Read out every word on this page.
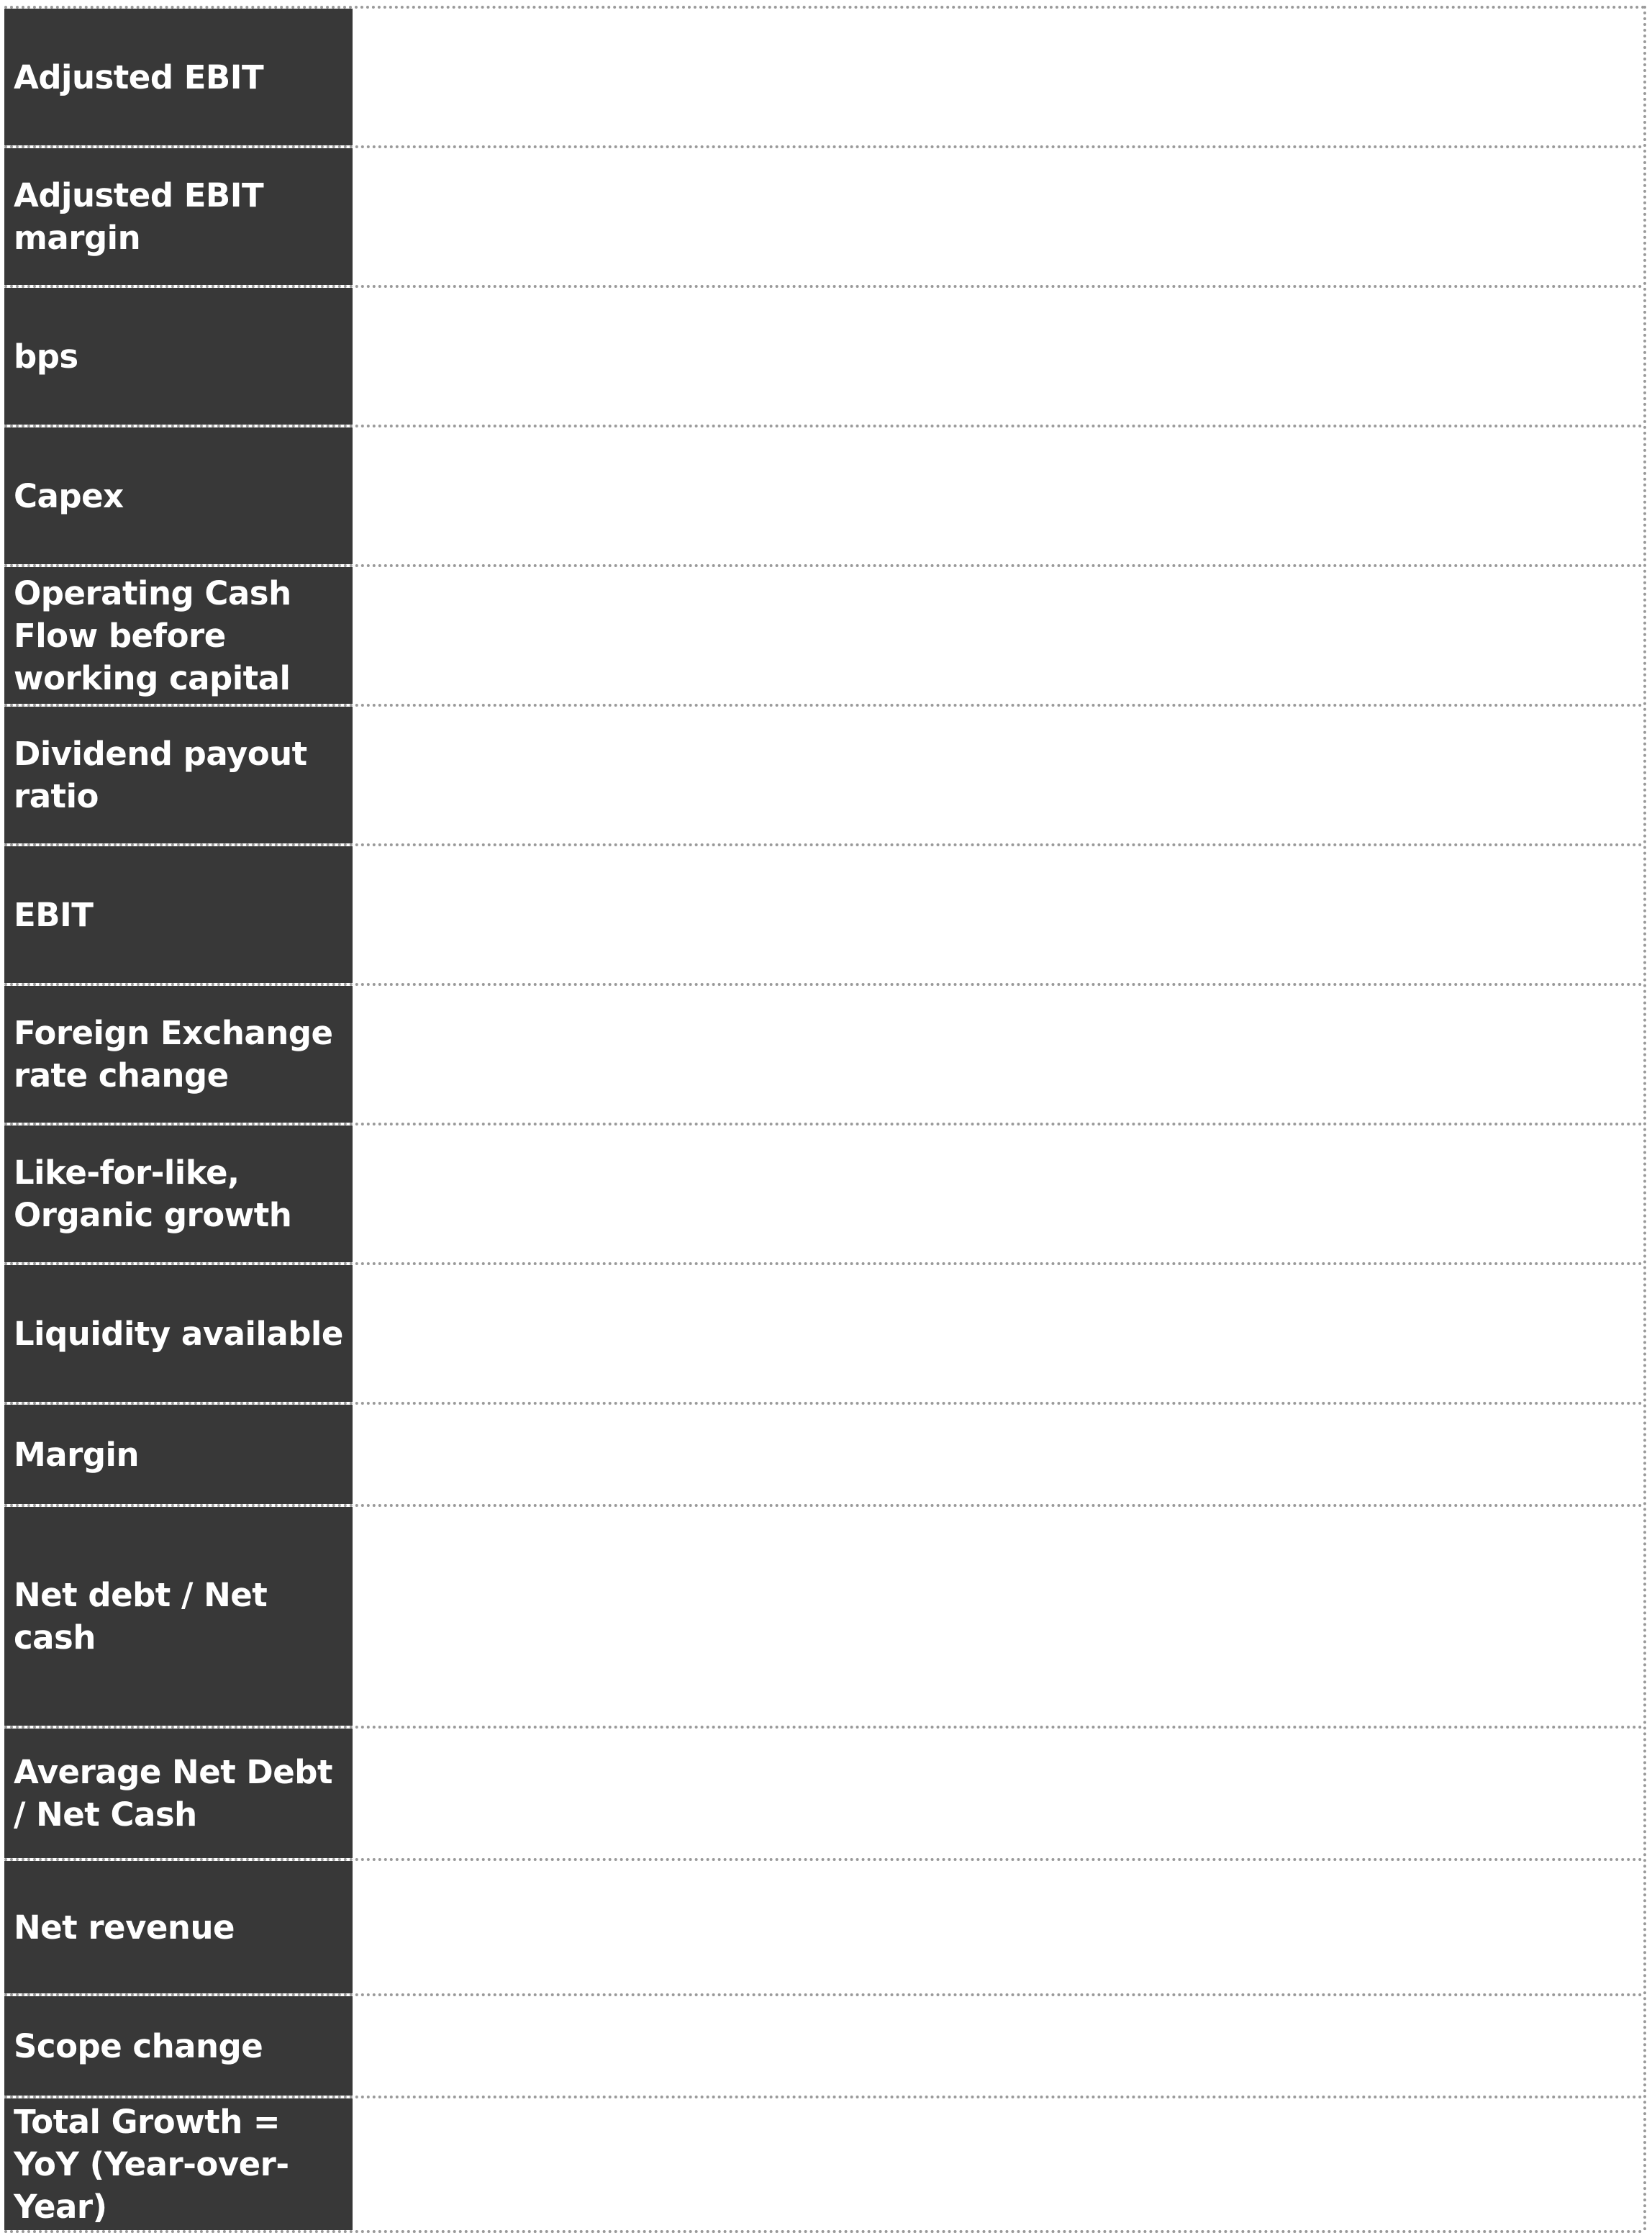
Adjusted EBIT
Adjusted EBIT margin
bps
Capex
Operating Cash Flow before working capital
Dividend payout ratio
EBIT
Foreign Exchange rate change
Like-for-like, Organic growth
Liquidity available
Margin
Net debt / Net cash
Average Net Debt / Net Cash
Net revenue
Scope change
Total Growth = YoY (Year-over-Year)
